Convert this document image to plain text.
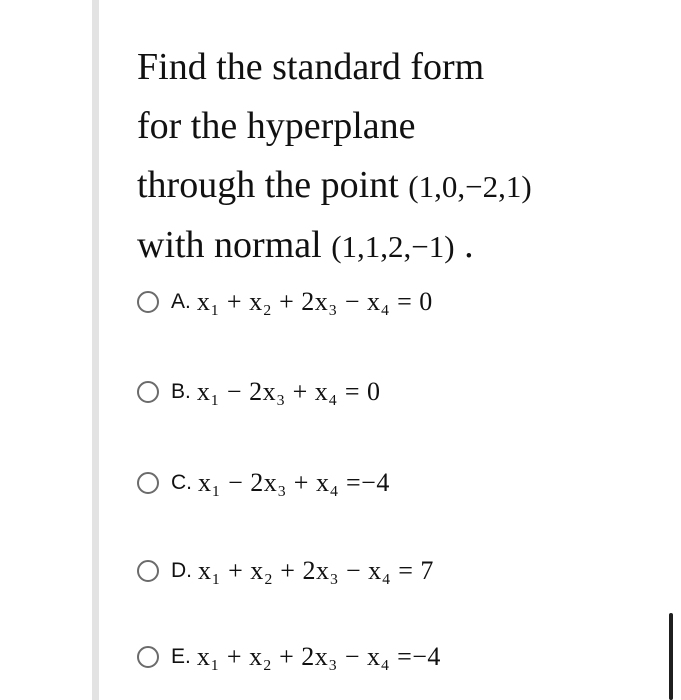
Find the standard form
for the hyperplane
through the point (1,0,−2,1)
with normal (1,1,2,−1) .
A. x₁ + x₂ + 2x₃ − x₄ = 0
B. x₁ − 2x₃ + x₄ = 0
C. x₁ − 2x₃ + x₄ =−4
D. x₁ + x₂ + 2x₃ − x₄ = 7
E. x₁ + x₂ + 2x₃ − x₄ =−4
